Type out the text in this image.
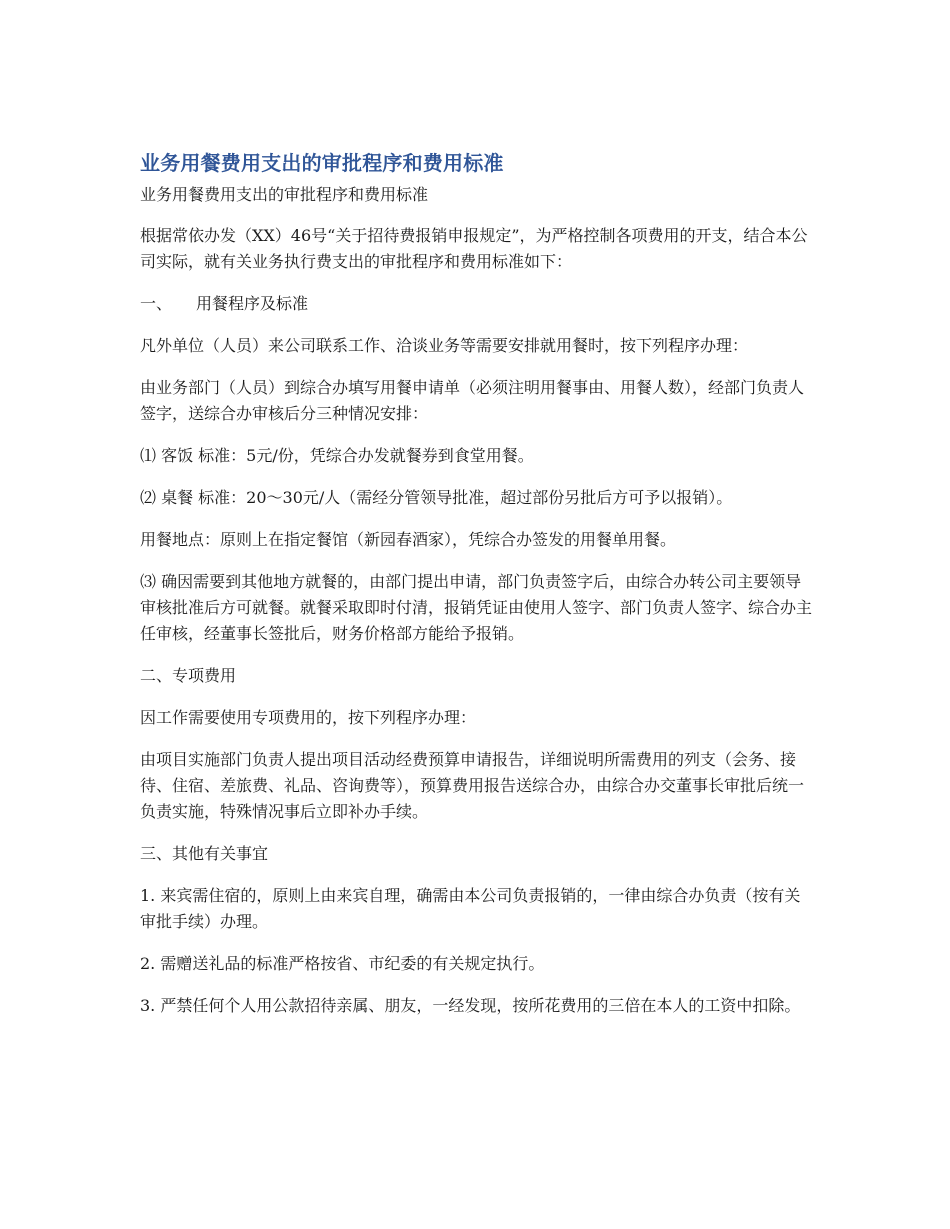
业务用餐费用支出的审批程序和费用标准

业务用餐费用支出的审批程序和费用标准

根据常依办发（XX）46号“关于招待费报销申报规定”，为严格控制各项费用的开支，结合本公司实际，就有关业务执行费支出的审批程序和费用标准如下：

一、 用餐程序及标准

凡外单位（人员）来公司联系工作、洽谈业务等需要安排就用餐时，按下列程序办理：

由业务部门（人员）到综合办填写用餐申请单（必须注明用餐事由、用餐人数），经部门负责人签字，送综合办审核后分三种情况安排：

⑴ 客饭 标准：5元/份，凭综合办发就餐券到食堂用餐。

⑵ 桌餐 标准：20～30元/人（需经分管领导批准，超过部份另批后方可予以报销）。

用餐地点：原则上在指定餐馆（新园春酒家），凭综合办签发的用餐单用餐。

⑶ 确因需要到其他地方就餐的，由部门提出申请，部门负责签字后，由综合办转公司主要领导审核批准后方可就餐。就餐采取即时付清，报销凭证由使用人签字、部门负责人签字、综合办主任审核，经董事长签批后，财务价格部方能给予报销。

二、专项费用

因工作需要使用专项费用的，按下列程序办理：

由项目实施部门负责人提出项目活动经费预算申请报告，详细说明所需费用的列支（会务、接待、住宿、差旅费、礼品、咨询费等），预算费用报告送综合办，由综合办交董事长审批后统一负责实施，特殊情况事后立即补办手续。

三、其他有关事宜

1. 来宾需住宿的，原则上由来宾自理，确需由本公司负责报销的，一律由综合办负责（按有关审批手续）办理。

2. 需赠送礼品的标准严格按省、市纪委的有关规定执行。

3. 严禁任何个人用公款招待亲属、朋友，一经发现，按所花费用的三倍在本人的工资中扣除。
